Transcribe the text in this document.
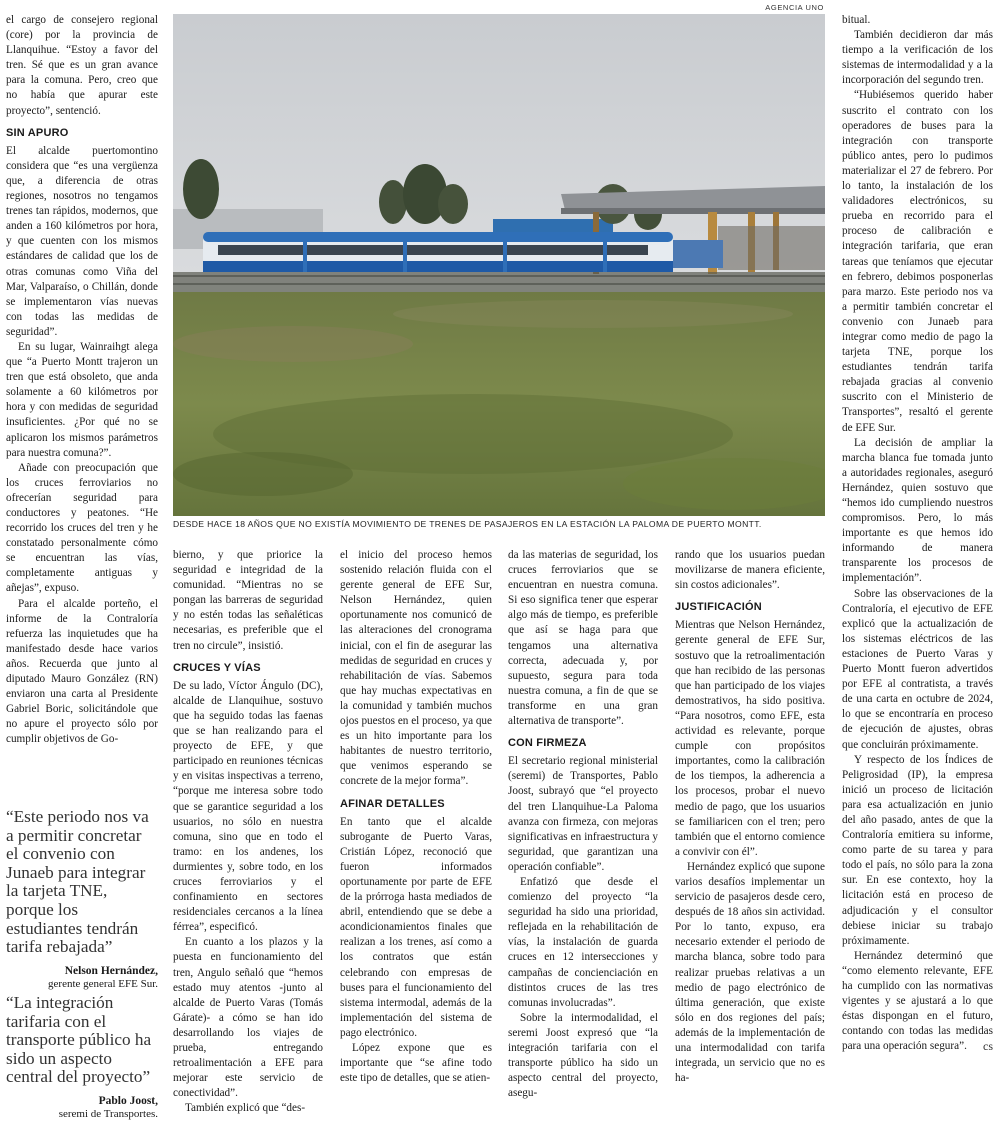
el cargo de consejero regional (core) por la provincia de Llanquihue. “Estoy a favor del tren. Sé que es un gran avance para la comuna. Pero, creo que no había que apurar este proyecto”, sentenció.

SIN APURO

El alcalde puertomontino considera que “es una vergüenza que, a diferencia de otras regiones, nosotros no tengamos trenes tan rápidos, modernos, que anden a 160 kilómetros por hora, y que cuenten con los mismos estándares de calidad que los de otras comunas como Viña del Mar, Valparaíso, o Chillán, donde se implementaron vías nuevas con todas las medidas de seguridad”.

En su lugar, Wainraihgt alega que “a Puerto Montt trajeron un tren que está obsoleto, que anda solamente a 60 kilómetros por hora y con medidas de seguridad insuficientes. ¿Por qué no se aplicaron los mismos parámetros para nuestra comuna?”.

Añade con preocupación que los cruces ferroviarios no ofrecerían seguridad para conductores y peatones. “He recorrido los cruces del tren y he constatado personalmente cómo se encuentran las vías, completamente antiguas y añejas”, expuso.

Para el alcalde porteño, el informe de la Contraloría refuerza las inquietudes que ha manifestado desde hace varios años. Recuerda que junto al diputado Mauro González (RN) enviaron una carta al Presidente Gabriel Boric, solicitándole que no apure el proyecto sólo por cumplir objetivos de Go-

“Este periodo nos va a permitir concretar el convenio con Junaeb para integrar la tarjeta TNE, porque los estudiantes tendrán tarifa rebajada”
Nelson Hernández,
gerente general EFE Sur.
“La integración tarifaria con el transporte público ha sido un aspecto central del proyecto”
Pablo Joost,
seremi de Transportes.
AGENCIA UNO
DESDE HACE 18 AÑOS QUE NO EXISTÍA MOVIMIENTO DE TRENES DE PASAJEROS EN LA ESTACIÓN LA PALOMA DE PUERTO MONTT.

bierno, y que priorice la seguridad e integridad de la comunidad. “Mientras no se pongan las barreras de seguridad y no estén todas las señaléticas necesarias, es preferible que el tren no circule”, insistió.

CRUCES Y VÍAS

De su lado, Víctor Ángulo (DC), alcalde de Llanquihue, sostuvo que ha seguido todas las faenas que se han realizando para el proyecto de EFE, y que participado en reuniones técnicas y en visitas inspectivas a terreno, “porque me interesa sobre todo que se garantice seguridad a los usuarios, no sólo en nuestra comuna, sino que en todo el tramo: en los andenes, los durmientes y, sobre todo, en los cruces ferroviarios y el confinamiento en sectores residenciales cercanos a la línea férrea”, especificó.

En cuanto a los plazos y la puesta en funcionamiento del tren, Angulo señaló que “hemos estado muy atentos -junto al alcalde de Puerto Varas (Tomás Gárate)- a cómo se han ido desarrollando los viajes de prueba, entregando retroalimentación a EFE para mejorar este servicio de conectividad”.

También explicó que “des-

el inicio del proceso hemos sostenido relación fluida con el gerente general de EFE Sur, Nelson Hernández, quien oportunamente nos comunicó de las alteraciones del cronograma inicial, con el fin de asegurar las medidas de seguridad en cruces y rehabilitación de vías. Sabemos que hay muchas expectativas en la comunidad y también muchos ojos puestos en el proceso, ya que es un hito importante para los habitantes de nuestro territorio, que venimos esperando se concrete de la mejor forma”.

AFINAR DETALLES

En tanto que el alcalde subrogante de Puerto Varas, Cristián López, reconoció que fueron informados oportunamente por parte de EFE de la prórroga hasta mediados de abril, entendiendo que se debe a acondicionamientos finales que realizan a los trenes, así como a los contratos que están celebrando con empresas de buses para el funcionamiento del sistema intermodal, además de la implementación del sistema de pago electrónico.

López expone que es importante que “se afine todo este tipo de detalles, que se atien-

da las materias de seguridad, los cruces ferroviarios que se encuentran en nuestra comuna. Si eso significa tener que esperar algo más de tiempo, es preferible que así se haga para que tengamos una alternativa correcta, adecuada y, por supuesto, segura para toda nuestra comuna, a fin de que se transforme en una gran alternativa de transporte”.

CON FIRMEZA

El secretario regional ministerial (seremi) de Transportes, Pablo Joost, subrayó que “el proyecto del tren Llanquihue-La Paloma avanza con firmeza, con mejoras significativas en infraestructura y seguridad, que garantizan una operación confiable”.

Enfatizó que desde el comienzo del proyecto “la seguridad ha sido una prioridad, reflejada en la rehabilitación de vías, la instalación de guarda cruces en 12 intersecciones y campañas de concienciación en distintos cruces de las tres comunas involucradas”.

Sobre la intermodalidad, el seremi Joost expresó que “la integración tarifaria con el transporte público ha sido un aspecto central del proyecto, asegu-

rando que los usuarios puedan movilizarse de manera eficiente, sin costos adicionales”.

JUSTIFICACIÓN

Mientras que Nelson Hernández, gerente general de EFE Sur, sostuvo que la retroalimentación que han recibido de las personas que han participado de los viajes demostrativos, ha sido positiva. “Para nosotros, como EFE, esta actividad es relevante, porque cumple con propósitos importantes, como la calibración de los tiempos, la adherencia a los procesos, probar el nuevo medio de pago, que los usuarios se familiaricen con el tren; pero también que el entorno comience a convivir con él”.

Hernández explicó que supone varios desafíos implementar un servicio de pasajeros desde cero, después de 18 años sin actividad. Por lo tanto, expuso, era necesario extender el periodo de marcha blanca, sobre todo para realizar pruebas relativas a un medio de pago electrónico de última generación, que existe sólo en dos regiones del país; además de la implementación de una intermodalidad con tarifa integrada, un servicio que no es ha-

bitual.

También decidieron dar más tiempo a la verificación de los sistemas de intermodalidad y a la incorporación del segundo tren.

“Hubiésemos querido haber suscrito el contrato con los operadores de buses para la integración con transporte público antes, pero lo pudimos materializar el 27 de febrero. Por lo tanto, la instalación de los validadores electrónicos, su prueba en recorrido para el proceso de calibración e integración tarifaria, que eran tareas que teníamos que ejecutar en febrero, debimos posponerlas para marzo. Este periodo nos va a permitir también concretar el convenio con Junaeb para integrar como medio de pago la tarjeta TNE, porque los estudiantes tendrán tarifa rebajada gracias al convenio suscrito con el Ministerio de Transportes”, resaltó el gerente de EFE Sur.

La decisión de ampliar la marcha blanca fue tomada junto a autoridades regionales, aseguró Hernández, quien sostuvo que “hemos ido cumpliendo nuestros compromisos. Pero, lo más importante es que hemos ido informando de manera transparente los procesos de implementación”.

Sobre las observaciones de la Contraloría, el ejecutivo de EFE explicó que la actualización de los sistemas eléctricos de las estaciones de Puerto Varas y Puerto Montt fueron advertidos por EFE al contratista, a través de una carta en octubre de 2024, lo que se encontraría en proceso de ejecución de ajustes, obras que concluirán próximamente.

Y respecto de los Índices de Peligrosidad (IP), la empresa inició un proceso de licitación para esa actualización en junio del año pasado, antes de que la Contraloría emitiera su informe, como parte de su tarea y para todo el país, no sólo para la zona sur. En ese contexto, hoy la licitación está en proceso de adjudicación y el consultor debiese iniciar su trabajo próximamente.

Hernández determinó que “como elemento relevante, EFE ha cumplido con las normativas vigentes y se ajustará a lo que éstas dispongan en el futuro, contando con todas las medidas para una operación segura”.	cs
